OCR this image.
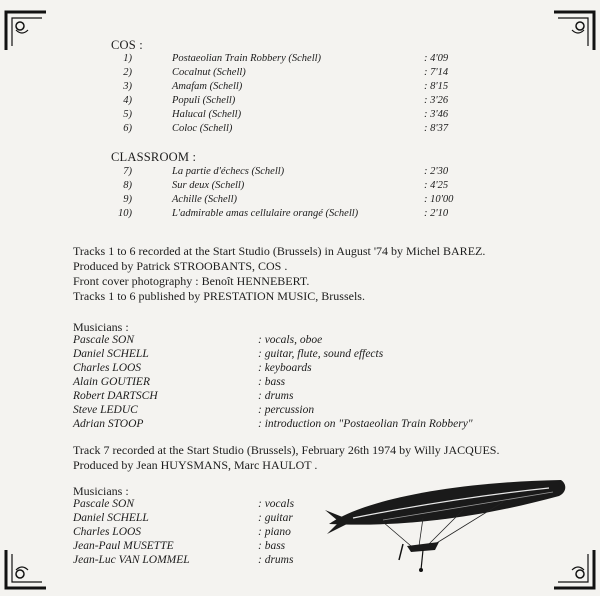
COS :
1)	Postaeolian Train Robbery (Schell)	: 4'09
2)	Cocalnut (Schell)	: 7'14
3)	Amafam (Schell)	: 8'15
4)	Populi (Schell)	: 3'26
5)	Halucal (Schell)	: 3'46
6)	Coloc (Schell)	: 8'37
CLASSROOM :
7)	La partie d'échecs (Schell)	: 2'30
8)	Sur deux (Schell)	: 4'25
9)	Achille (Schell)	: 10'00
10)	L'admirable amas cellulaire orangé (Schell)	: 2'10
Tracks 1 to 6 recorded at the Start Studio (Brussels) in August '74 by Michel BAREZ.
Produced by Patrick STROOBANTS, COS .
Front cover photography : Benoît HENNEBERT.
Tracks 1 to 6 published by PRESTATION MUSIC, Brussels.
Musicians :
Pascale SON	: vocals, oboe
Daniel SCHELL	: guitar, flute, sound effects
Charles LOOS	: keyboards
Alain GOUTIER	: bass
Robert DARTSCH	: drums
Steve LEDUC	: percussion
Adrian STOOP	: introduction on "Postaeolian Train Robbery"
Track 7 recorded at the Start Studio (Brussels), February 26th 1974 by Willy JACQUES.
Produced by Jean HUYSMANS, Marc HAULOT .
Musicians :
Pascale SON	: vocals
Daniel SCHELL	: guitar
Charles LOOS	: piano
Jean-Paul MUSETTE	: bass
Jean-Luc VAN LOMMEL	: drums
